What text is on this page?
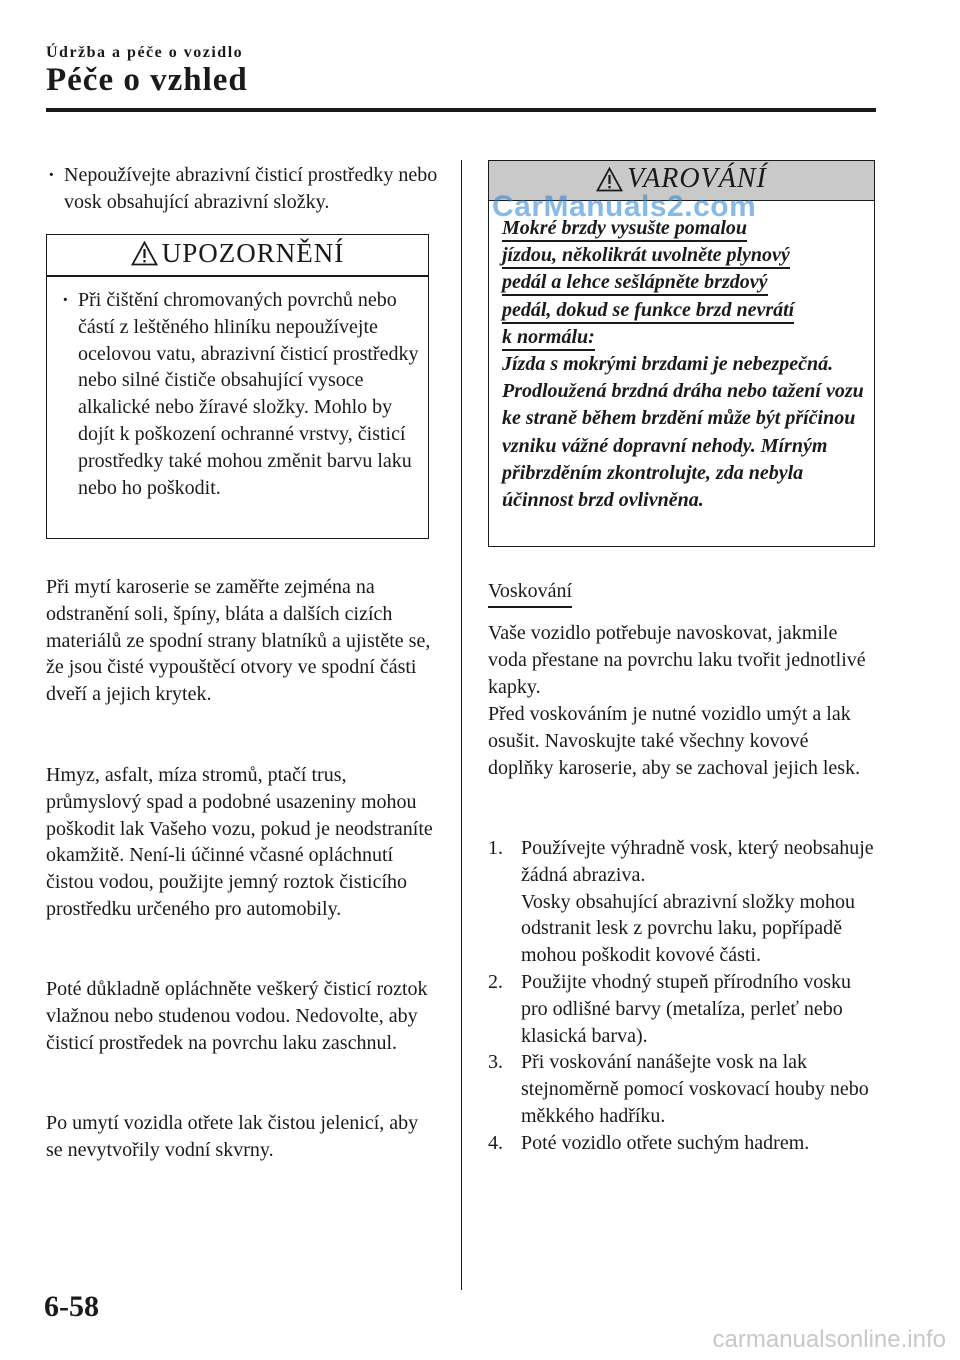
Údržba a péče o vozidlo
Péče o vzhled
· Nepoužívejte abrazivní čisticí prostředky nebo vosk obsahující abrazivní složky.
UPOZORNĚNÍ
· Při čištění chromovaných povrchů nebo částí z leštěného hliníku nepoužívejte ocelovou vatu, abrazivní čisticí prostředky nebo silné čističe obsahující vysoce alkalické nebo žíravé složky. Mohlo by dojít k poškození ochranné vrstvy, čisticí prostředky také mohou změnit barvu laku nebo ho poškodit.
Při mytí karoserie se zaměřte zejména na odstranění soli, špíny, bláta a dalších cizích materiálů ze spodní strany blatníků a ujistěte se, že jsou čisté vypouštěcí otvory ve spodní části dveří a jejich krytek.
Hmyz, asfalt, míza stromů, ptačí trus, průmyslový spad a podobné usazeniny mohou poškodit lak Vašeho vozu, pokud je neodstraníte okamžitě. Není-li účinné včasné opláchnutí čistou vodou, použijte jemný roztok čisticího prostředku určeného pro automobily.
Poté důkladně opláchněte veškerý čisticí roztok vlažnou nebo studenou vodou. Nedovolte, aby čisticí prostředek na povrchu laku zaschnul.
Po umytí vozidla otřete lak čistou jelenicí, aby se nevytvořily vodní skvrny.
VAROVÁNÍ
Mokré brzdy vysušte pomalou
jízdou, několikrát uvolněte plynový
pedál a lehce sešlápněte brzdový
pedál, dokud se funkce brzd nevrátí
k normálu:
Jízda s mokrými brzdami je nebezpečná. Prodloužená brzdná dráha nebo tažení vozu ke straně během brzdění může být příčinou vzniku vážné dopravní nehody. Mírným přibrzděním zkontrolujte, zda nebyla účinnost brzd ovlivněna.
CarManuals2.com
Voskování
Vaše vozidlo potřebuje navoskovat, jakmile voda přestane na povrchu laku tvořit jednotlivé kapky.
Před voskováním je nutné vozidlo umýt a lak osušit. Navoskujte také všechny kovové doplňky karoserie, aby se zachoval jejich lesk.
1. Používejte výhradně vosk, který neobsahuje žádná abraziva.
Vosky obsahující abrazivní složky mohou odstranit lesk z povrchu laku, popřípadě mohou poškodit kovové části.
2. Použijte vhodný stupeň přírodního vosku pro odlišné barvy (metalíza, perleť nebo klasická barva).
3. Při voskování nanášejte vosk na lak stejnoměrně pomocí voskovací houby nebo měkkého hadříku.
4. Poté vozidlo otřete suchým hadrem.
6-58
carmanualsonline.info
